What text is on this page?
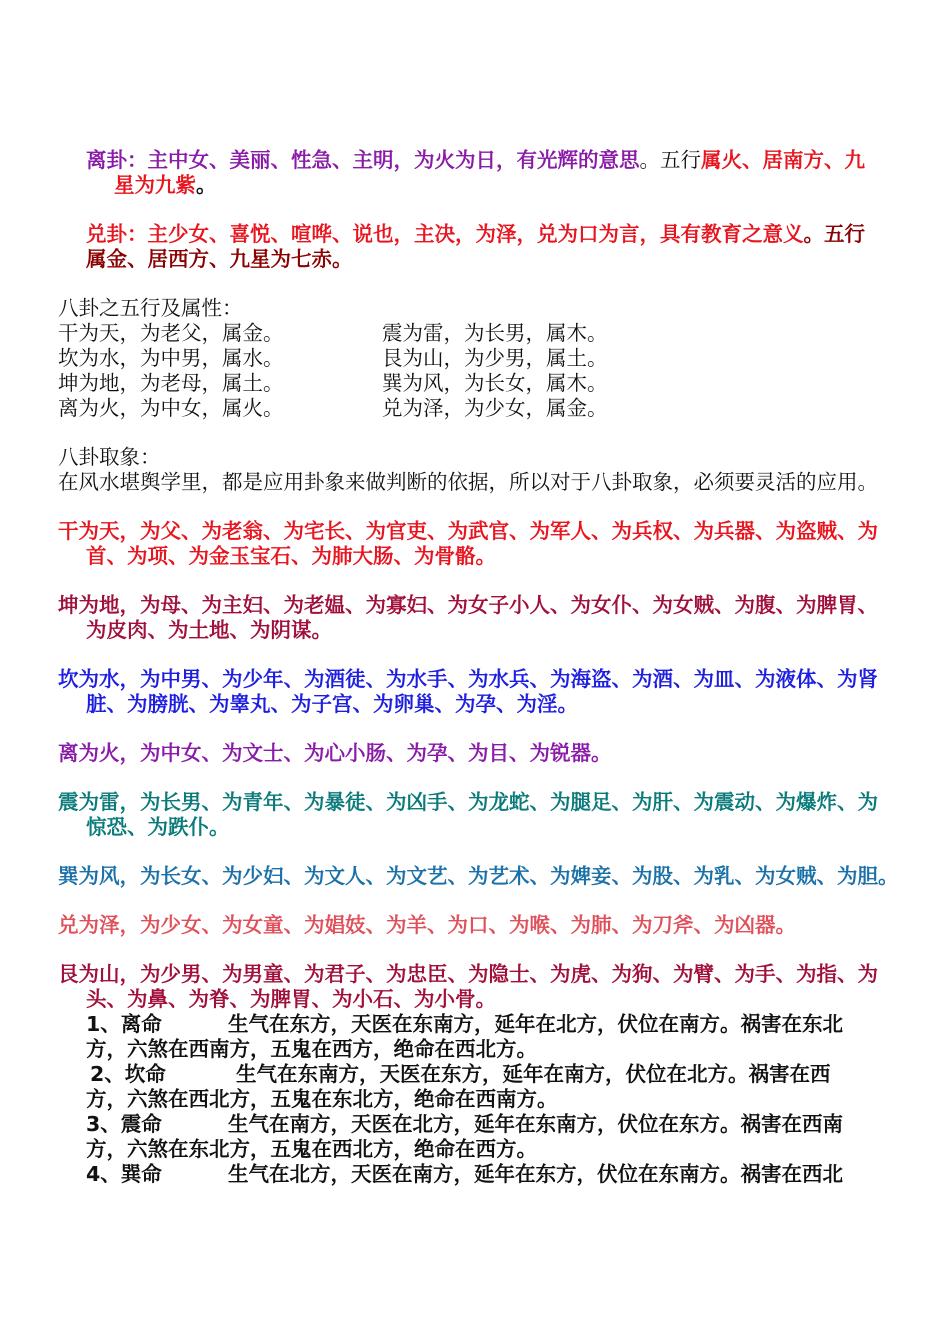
离卦：主中女、美丽、性急、主明，为火为日，有光辉的意思。五行属火、居南方、九星为九紫。

兑卦：主少女、喜悦、喧哗、说也，主决，为泽，兑为口为言，具有教育之意义。五行属金、居西方、九星为七赤。

八卦之五行及属性：

干为天，为老父，属金。	震为雷，为长男，属木。
坎为水，为中男，属水。	艮为山，为少男，属土。
坤为地，为老母，属土。	巽为风，为长女，属木。
离为火，为中女，属火。	兑为泽，为少女，属金。

八卦取象：

在风水堪舆学里，都是应用卦象来做判断的依据，所以对于八卦取象，必须要灵活的应用。

干为天，为父、为老翁、为宅长、为官吏、为武官、为军人、为兵权、为兵器、为盗贼、为首、为项、为金玉宝石、为肺大肠、为骨骼。

坤为地，为母、为主妇、为老媪、为寡妇、为女子小人、为女仆、为女贼、为腹、为脾胃、为皮肉、为土地、为阴谋。

坎为水，为中男、为少年、为酒徒、为水手、为水兵、为海盗、为酒、为皿、为液体、为肾脏、为膀胱、为睾丸、为子宫、为卵巢、为孕、为淫。

离为火，为中女、为文士、为心小肠、为孕、为目、为锐器。

震为雷，为长男、为青年、为暴徒、为凶手、为龙蛇、为腿足、为肝、为震动、为爆炸、为惊恐、为跌仆。

巽为风，为长女、为少妇、为文人、为文艺、为艺术、为婢妾、为股、为乳、为女贼、为胆。

兑为泽，为少女、为女童、为娼妓、为羊、为口、为喉、为肺、为刀斧、为凶器。

艮为山，为少男、为男童、为君子、为忠臣、为隐士、为虎、为狗、为臂、为手、为指、为头、为鼻、为脊、为脾胃、为小石、为小骨。

1、离命	生气在东方，天医在东南方，延年在北方，伏位在南方。祸害在东北
方，六煞在西南方，五鬼在西方，绝命在西北方。
2、坎命	生气在东南方，天医在东方，延年在南方，伏位在北方。祸害在西
方，六煞在西北方，五鬼在东北方，绝命在西南方。
3、震命	生气在南方，天医在北方，延年在东南方，伏位在东方。祸害在西南
方，六煞在东北方，五鬼在西北方，绝命在西方。
4、巽命	生气在北方，天医在南方，延年在东方，伏位在东南方。祸害在西北
